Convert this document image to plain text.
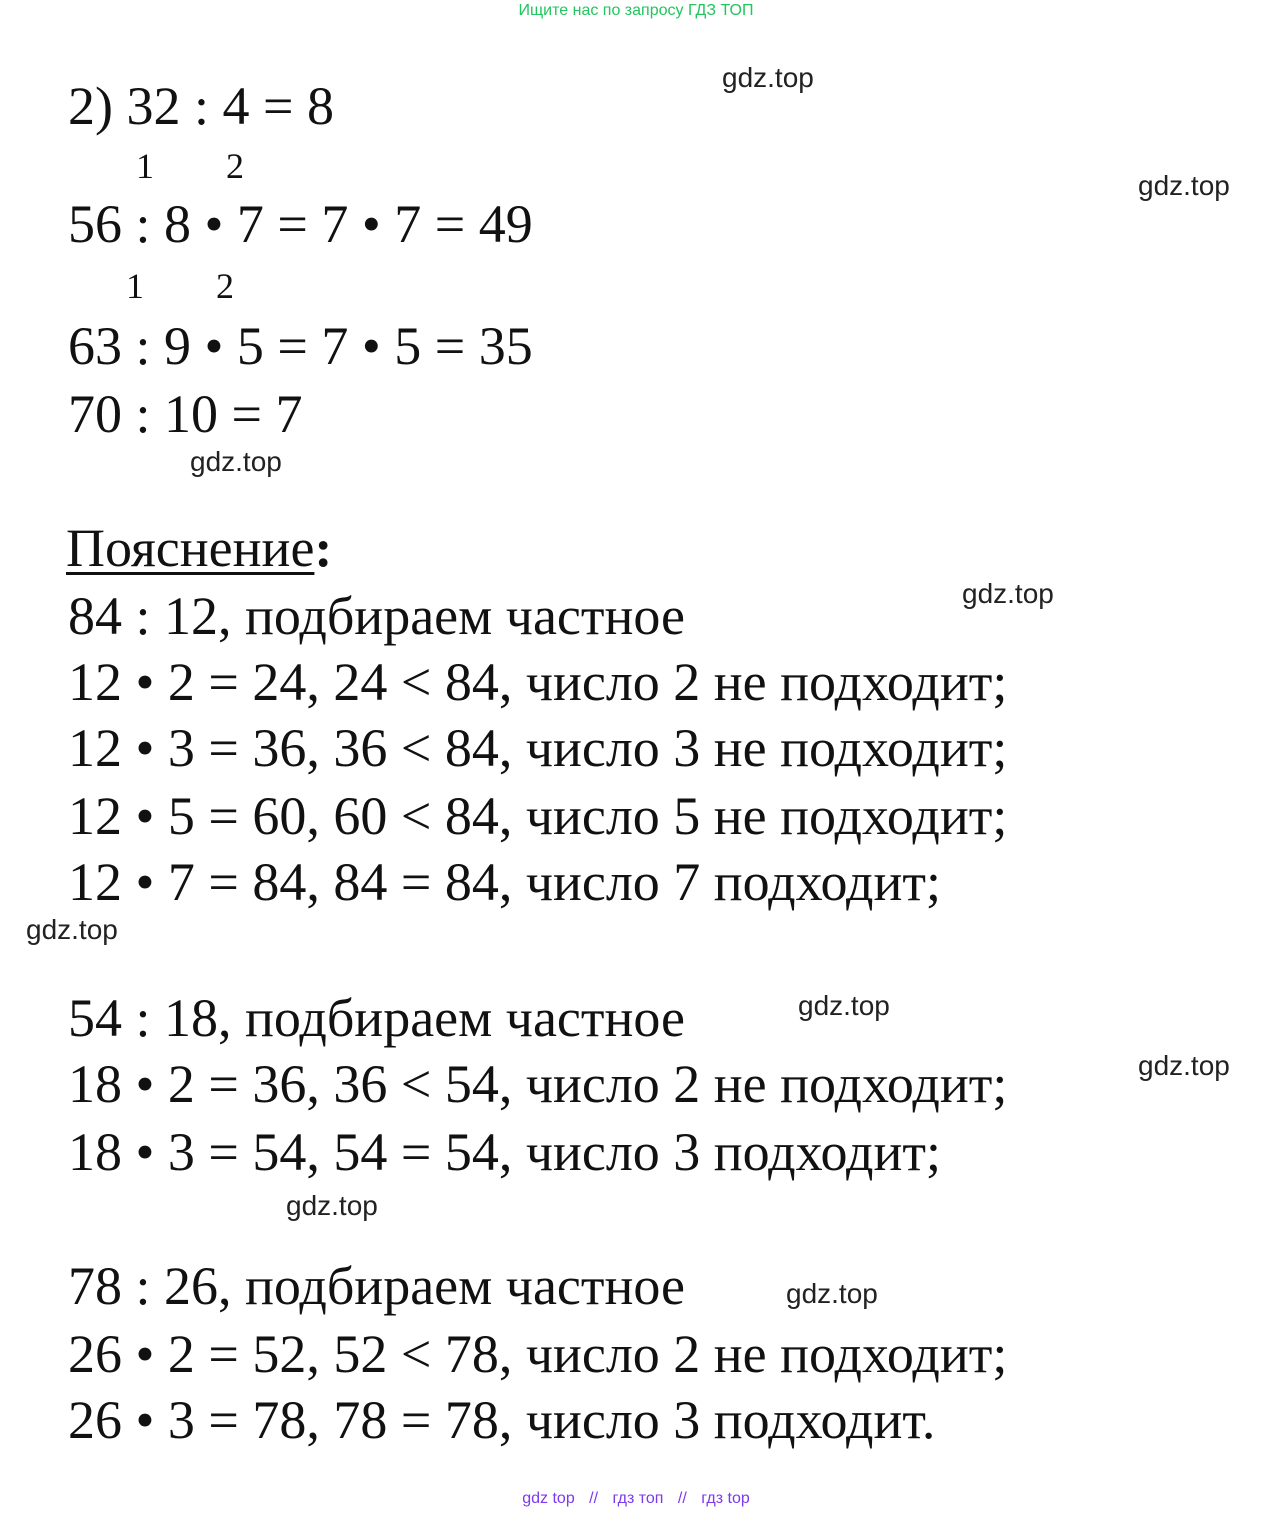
Ищите нас по запросу ГДЗ ТОП
2) 32 : 4 = 8
1 2
56 : 8 • 7 = 7 • 7 = 49
1 2
63 : 9 • 5 = 7 • 5 = 35
70 : 10 = 7
Пояснение:
84 : 12, подбираем частное
12 • 2 = 24, 24 < 84, число 2 не подходит;
12 • 3 = 36, 36 < 84, число 3 не подходит;
12 • 5 = 60, 60 < 84, число 5 не подходит;
12 • 7 = 84, 84 = 84, число 7 подходит;
54 : 18, подбираем частное
18 • 2 = 36, 36 < 54, число 2 не подходит;
18 • 3 = 54, 54 = 54, число 3 подходит;
78 : 26, подбираем частное
26 • 2 = 52, 52 < 78, число 2 не подходит;
26 • 3 = 78, 78 = 78, число 3 подходит.
gdz.top
gdz.top
gdz.top
gdz.top
gdz.top
gdz.top
gdz.top
gdz.top
gdz.top
gdz top // гдз топ // гдз top
